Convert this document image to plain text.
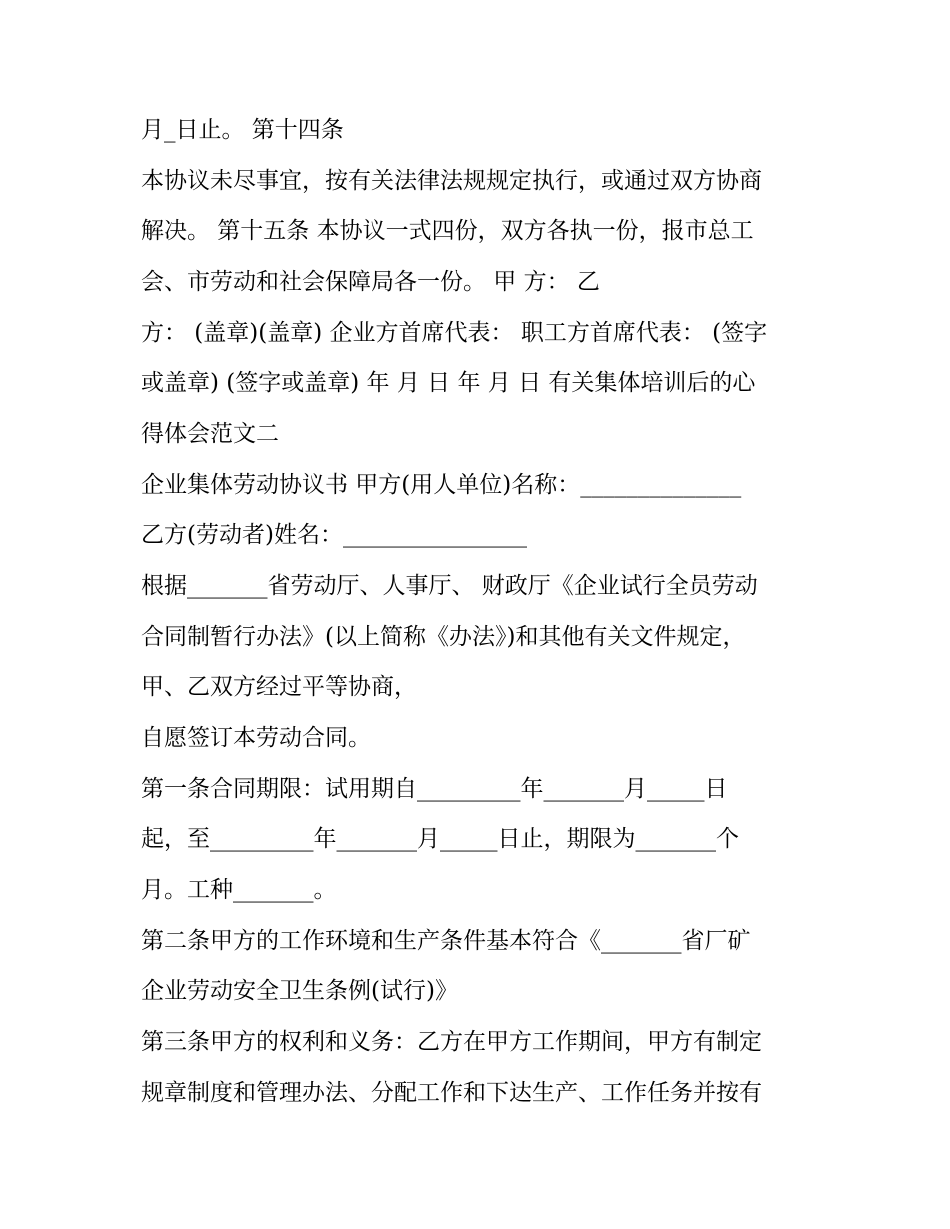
月_日止。 第十四条

本协议未尽事宜，按有关法律法规规定执行，或通过双方协商

解决。 第十五条 本协议一式四份，双方各执一份，报市总工

会、市劳动和社会保障局各一份。 甲 方： 乙

方： (盖章)(盖章) 企业方首席代表： 职工方首席代表： (签字

或盖章) (签字或盖章) 年 月 日 年 月 日 有关集体培训后的心

得体会范文二

企业集体劳动协议书 甲方(用人单位)名称：______________

乙方(劳动者)姓名：________________

根据_______省劳动厅、人事厅、 财政厅《企业试行全员劳动

合同制暂行办法》(以上简称《办法》)和其他有关文件规定，

甲、乙双方经过平等协商，

自愿签订本劳动合同。

第一条合同期限：试用期自_________年_______月_____日

起，至_________年_______月_____日止，期限为_______个

月。工种_______。

第二条甲方的工作环境和生产条件基本符合《_______省厂矿

企业劳动安全卫生条例(试行)》

第三条甲方的权利和义务：乙方在甲方工作期间，甲方有制定

规章制度和管理办法、分配工作和下达生产、工作任务并按有
